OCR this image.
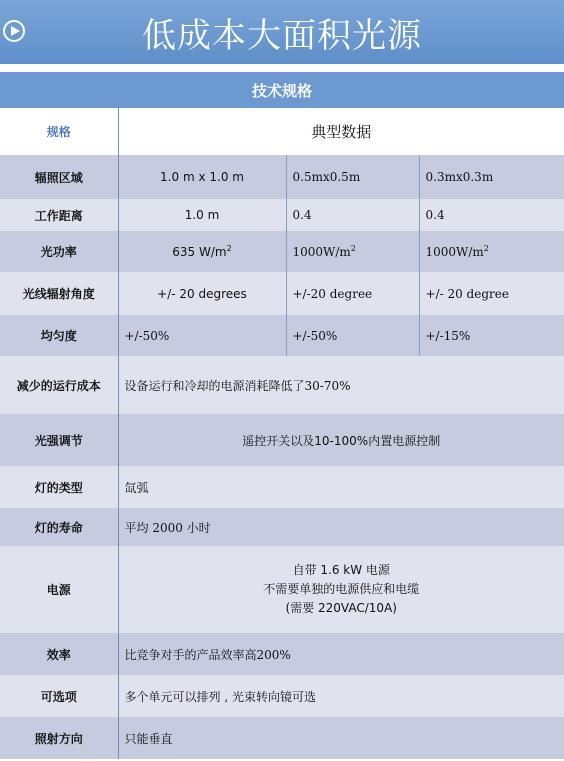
低成本大面积光源
技术规格
规格	典型数据		
辐照区域	1.0 m x 1.0 m	0.5mx0.5m	0.3mx0.3m
工作距离	1.0 m	0.4	0.4
光功率	635 $W/m^2$	$1000W/m^2$	$1000W/m^2$
光线辐射角度	+/- 20 degrees	+/-20 degree	+/- 20 degree
均匀度	+/-50%	+/-50%	+/-15%
减少的运行成本	设备运行和冷却的电源消耗降低了30-70%		
光强调节	遥控开关以及10-100%内置电源控制		
灯的类型	氙弧		
灯的寿命	平均 2000 小时		
电源	自带 1.6 kW 电源
不需要单独的电源供应和电缆
(需要 220VAC/10A)		

效率	比竞争对手的产品效率高200%		
可选项	多个单元可以排列 , 光束转向镜可选		
照射方向	只能垂直		
